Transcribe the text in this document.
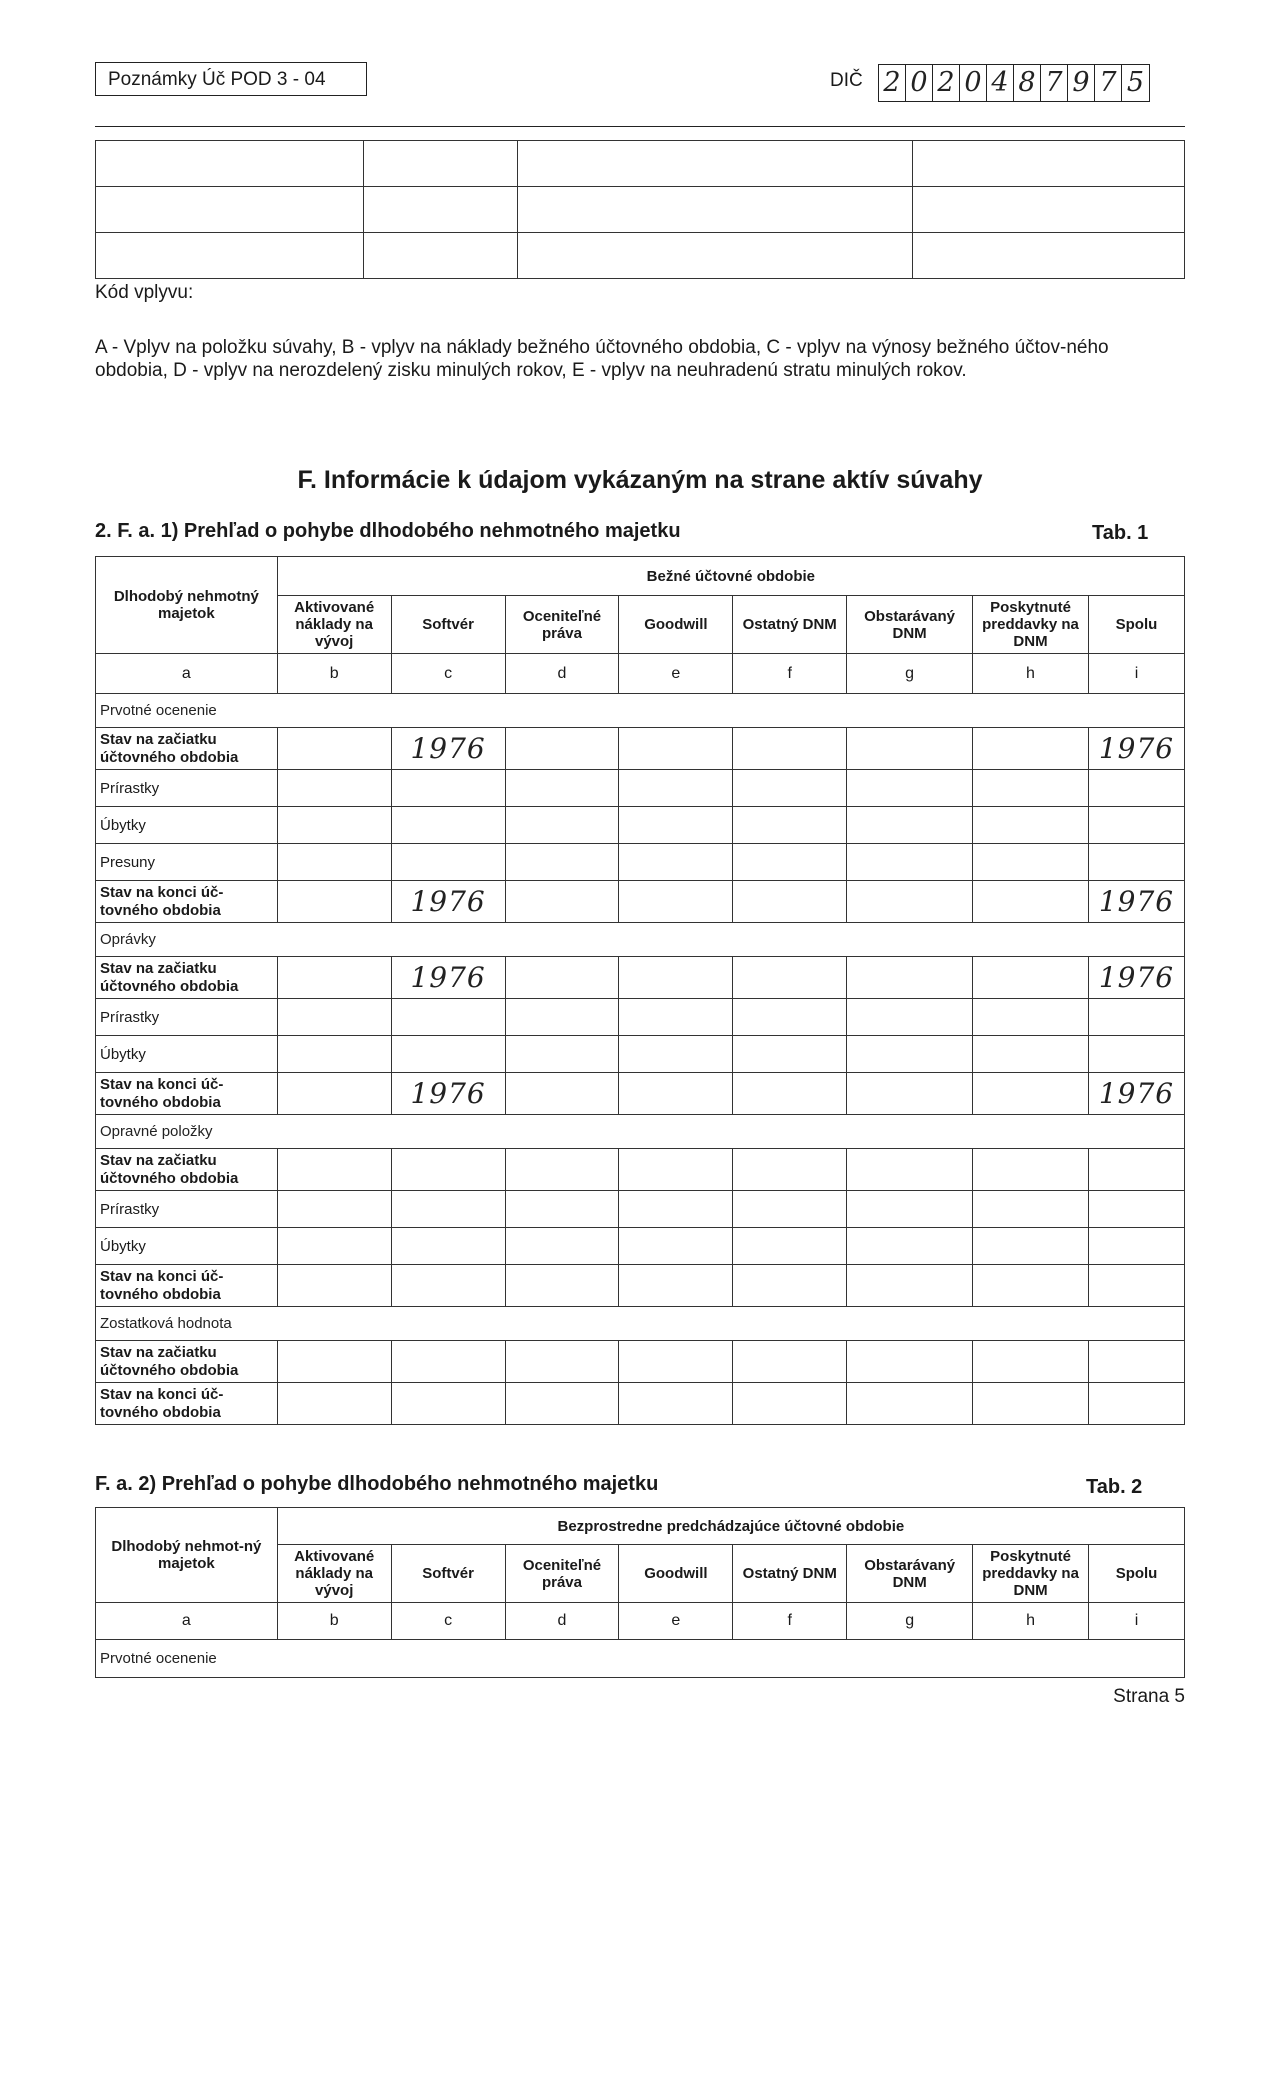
Poznámky Úč POD 3 - 04	DIČ 2 0 2 0 4 8 7 9 7 5

Kód vplyvu:
A - Vplyv na položku súvahy, B - vplyv na náklady bežného účtovného obdobia, C - vplyv na výnosy bežného účtov-ného obdobia, D - vplyv na nerozdelený zisku minulých rokov, E - vplyv na neuhradenú stratu minulých rokov.
F. Informácie k údajom vykázaným na strane aktív súvahy
2. F. a. 1) Prehľad o pohybe dlhodobého nehmotného majetku	Tab. 1
Dlhodobý nehmotný majetok	Bežné účtovné obdobie							
	Aktivované náklady na vývoj	Softvér	Oceniteľné práva	Goodwill	Ostatný DNM	Obstarávaný DNM	Poskytnuté preddavky na DNM	Spolu
a	b	c	d	e	f	g	h	i
Prvotné ocenenie								
Stav na začiatku účtovného obdobia		1976						1976
Prírastky								
Úbytky								
Presuny								
Stav na konci úč-tovného obdobia		1976						1976
Oprávky								
Stav na začiatku účtovného obdobia		1976						1976
Prírastky								
Úbytky								
Stav na konci úč-tovného obdobia		1976						1976
Opravné položky								
Stav na začiatku účtovného obdobia								
Prírastky								
Úbytky								
Stav na konci úč-tovného obdobia								
Zostatková hodnota								
Stav na začiatku účtovného obdobia								
Stav na konci úč-tovného obdobia								
F. a. 2) Prehľad o pohybe dlhodobého nehmotného majetku	Tab. 2
Dlhodobý nehmot-ný majetok	Bezprostredne predchádzajúce účtovné obdobie							
	Aktivované náklady na vývoj	Softvér	Oceniteľné práva	Goodwill	Ostatný DNM	Obstarávaný DNM	Poskytnuté preddavky na DNM	Spolu
a	b	c	d	e	f	g	h	i
Prvotné ocenenie								
Strana 5
